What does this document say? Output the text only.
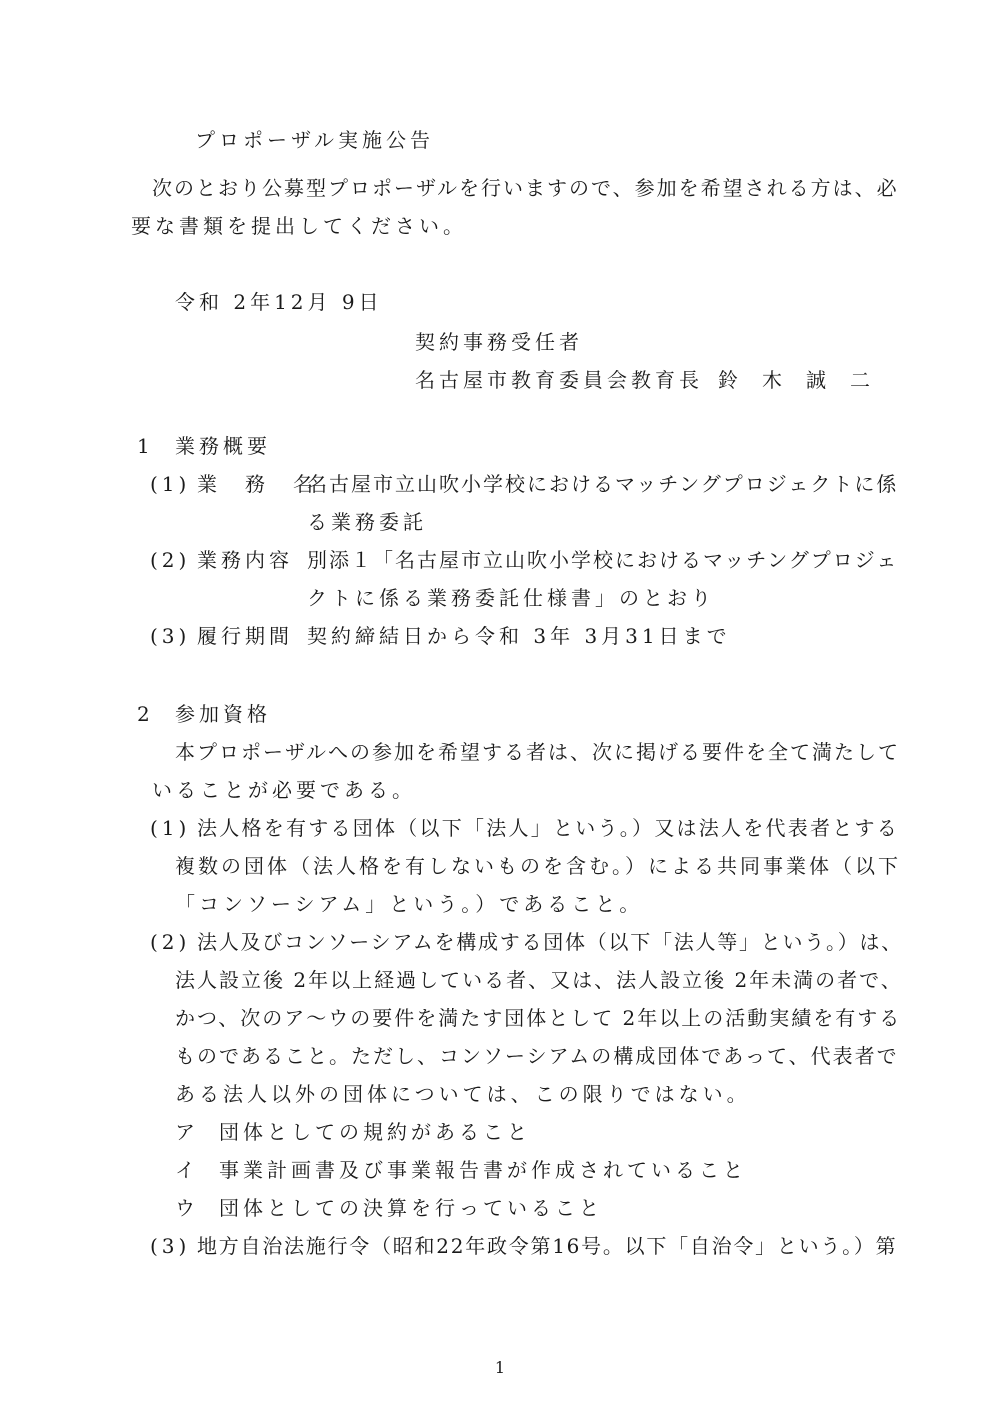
プロポーザル実施公告
次のとおり公募型プロポーザルを行いますので、参加を希望される方は、必
要な書類を提出してください。
令和 2年12月 9日
契約事務受任者
名古屋市教育委員会教育長 鈴　木　誠　二
1 業務概要
(1) 業　務　名
名古屋市立山吹小学校におけるマッチングプロジェクトに係
る業務委託
(2) 業務内容 別添１「名古屋市立山吹小学校におけるマッチングプロジェ
クトに係る業務委託仕様書」のとおり
(3) 履行期間 契約締結日から令和 3年 3月31日まで
2 参加資格
本プロポーザルへの参加を希望する者は、次に掲げる要件を全て満たして
いることが必要である。
(1) 法人格を有する団体（以下「法人」という。）又は法人を代表者とする
複数の団体（法人格を有しないものを含む。）による共同事業体（以下
「コンソーシアム」という。）であること。
(2) 法人及びコンソーシアムを構成する団体（以下「法人等」という。）は、
法人設立後 2年以上経過している者、又は、法人設立後 2年未満の者で、
かつ、次のア～ウの要件を満たす団体として 2年以上の活動実績を有する
ものであること。ただし、コンソーシアムの構成団体であって、代表者で
ある法人以外の団体については、この限りではない。
ア 団体としての規約があること
イ 事業計画書及び事業報告書が作成されていること
ウ 団体としての決算を行っていること
(3) 地方自治法施行令（昭和22年政令第16号。以下「自治令」という。）第
1
